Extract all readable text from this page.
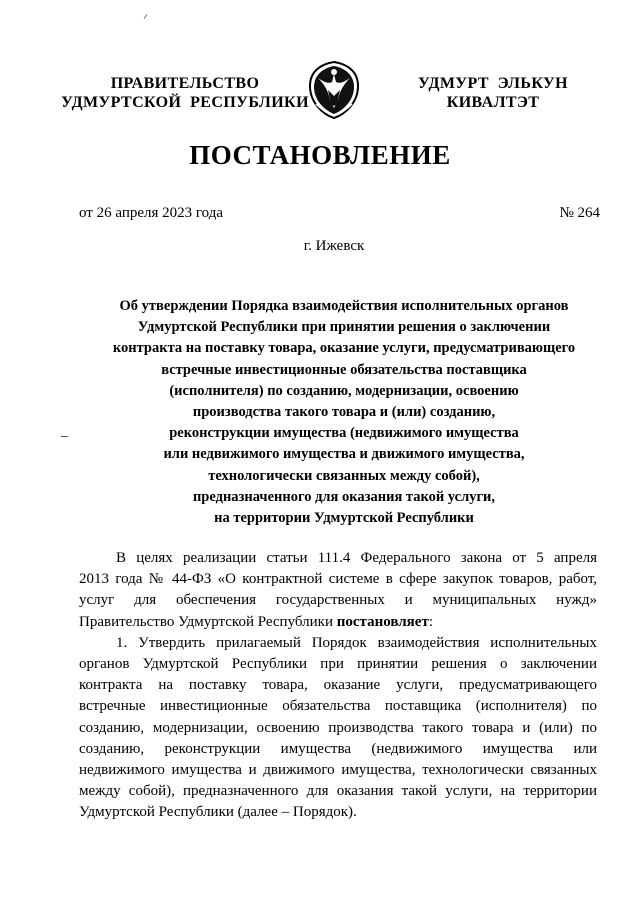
ПРАВИТЕЛЬСТВО
УДМУРТСКОЙ  РЕСПУБЛИКИ
УДМУРТ  ЭЛЬКУН
КИВАЛТЭТ
ПОСТАНОВЛЕНИЕ
от 26 апреля 2023 года	№ 264
г. Ижевск
Об утверждении Порядка взаимодействия исполнительных органов
Удмуртской Республики при принятии решения о заключении
контракта на поставку товара, оказание услуги, предусматривающего
встречные инвестиционные обязательства поставщика
(исполнителя) по созданию, модернизации, освоению
производства такого товара и (или) созданию,
реконструкции имущества (недвижимого имущества
или недвижимого имущества и движимого имущества,
технологически связанных между собой),
предназначенного для оказания такой услуги,
на территории Удмуртской Республики
В целях реализации статьи 111.4 Федерального закона от 5 апреля
2013 года № 44-ФЗ «О контрактной системе в сфере закупок товаров, работ,
услуг для обеспечения государственных и муниципальных нужд»
Правительство Удмуртской Республики постановляет:
1. Утвердить прилагаемый Порядок взаимодействия исполнительных
органов Удмуртской Республики при принятии решения о заключении
контракта на поставку товара, оказание услуги, предусматривающего
встречные инвестиционные обязательства поставщика (исполнителя) по
созданию, модернизации, освоению производства такого товара и (или) по
созданию, реконструкции имущества (недвижимого имущества или
недвижимого имущества и движимого имущества, технологически связанных
между собой), предназначенного для оказания такой услуги, на территории
Удмуртской Республики (далее – Порядок).
